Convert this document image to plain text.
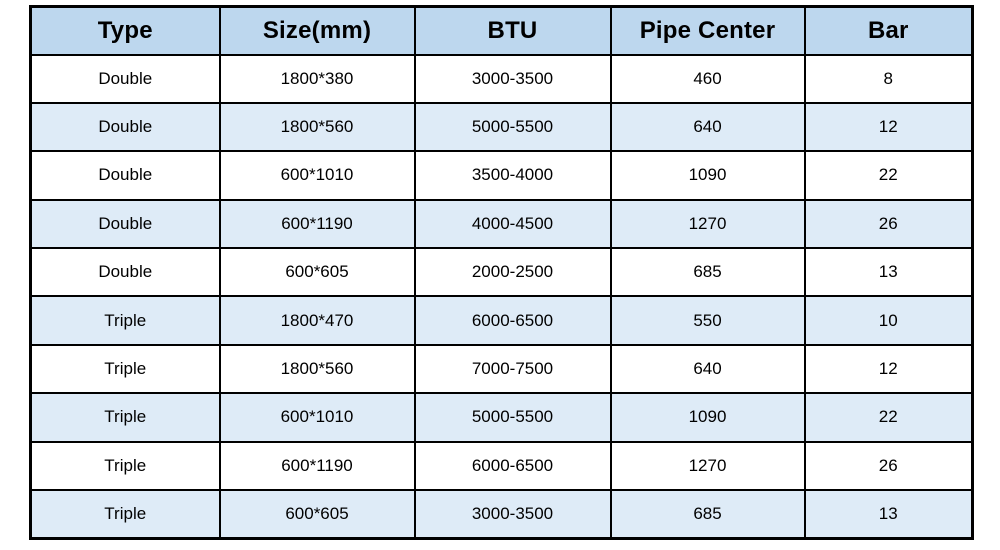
Type	Size(mm)	BTU	Pipe Center	Bar
Double	1800*380	3000-3500	460	8
Double	1800*560	5000-5500	640	12
Double	600*1010	3500-4000	1090	22
Double	600*1190	4000-4500	1270	26
Double	600*605	2000-2500	685	13
Triple	1800*470	6000-6500	550	10
Triple	1800*560	7000-7500	640	12
Triple	600*1010	5000-5500	1090	22
Triple	600*1190	6000-6500	1270	26
Triple	600*605	3000-3500	685	13
